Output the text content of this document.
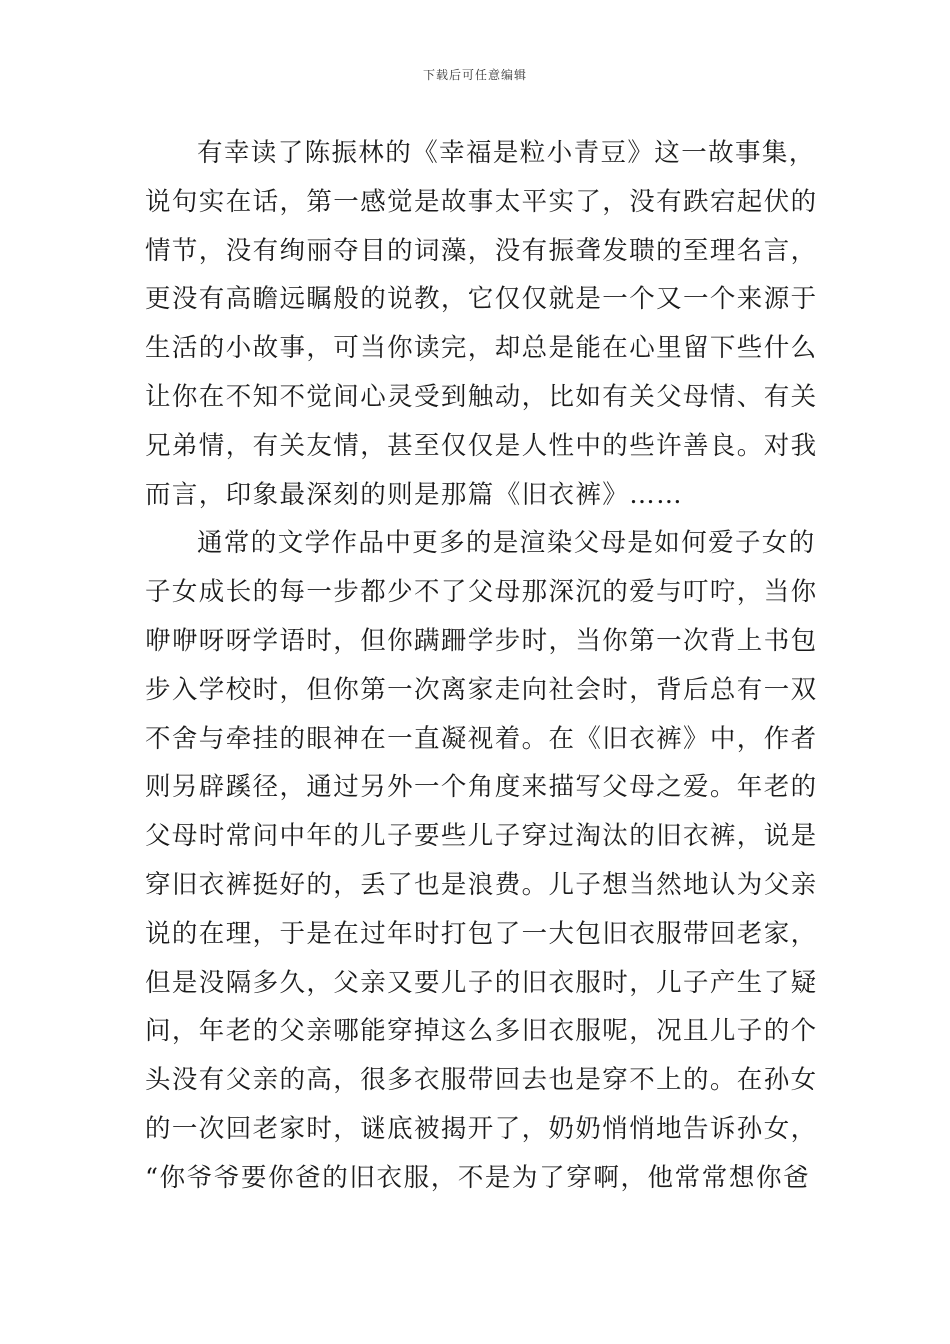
下载后可任意编辑

有幸读了陈振林的《幸福是粒小青豆》这一故事集，
说句实在话，第一感觉是故事太平实了，没有跌宕起伏的
情节，没有绚丽夺目的词藻，没有振聋发聩的至理名言，
更没有高瞻远瞩般的说教，它仅仅就是一个又一个来源于
生活的小故事，可当你读完，却总是能在心里留下些什么
让你在不知不觉间心灵受到触动，比如有关父母情、有关
兄弟情，有关友情，甚至仅仅是人性中的些许善良。对我
而言，印象最深刻的则是那篇《旧衣裤》……

通常的文学作品中更多的是渲染父母是如何爱子女的
子女成长的每一步都少不了父母那深沉的爱与叮咛，当你
咿咿呀呀学语时，但你蹒跚学步时，当你第一次背上书包
步入学校时，但你第一次离家走向社会时，背后总有一双
不舍与牵挂的眼神在一直凝视着。在《旧衣裤》中，作者
则另辟蹊径，通过另外一个角度来描写父母之爱。年老的
父母时常问中年的儿子要些儿子穿过淘汰的旧衣裤，说是
穿旧衣裤挺好的，丢了也是浪费。儿子想当然地认为父亲
说的在理，于是在过年时打包了一大包旧衣服带回老家，
但是没隔多久，父亲又要儿子的旧衣服时，儿子产生了疑
问，年老的父亲哪能穿掉这么多旧衣服呢，况且儿子的个
头没有父亲的高，很多衣服带回去也是穿不上的。在孙女
的一次回老家时，谜底被揭开了，奶奶悄悄地告诉孙女，
“你爷爷要你爸的旧衣服，不是为了穿啊，他常常想你爸
